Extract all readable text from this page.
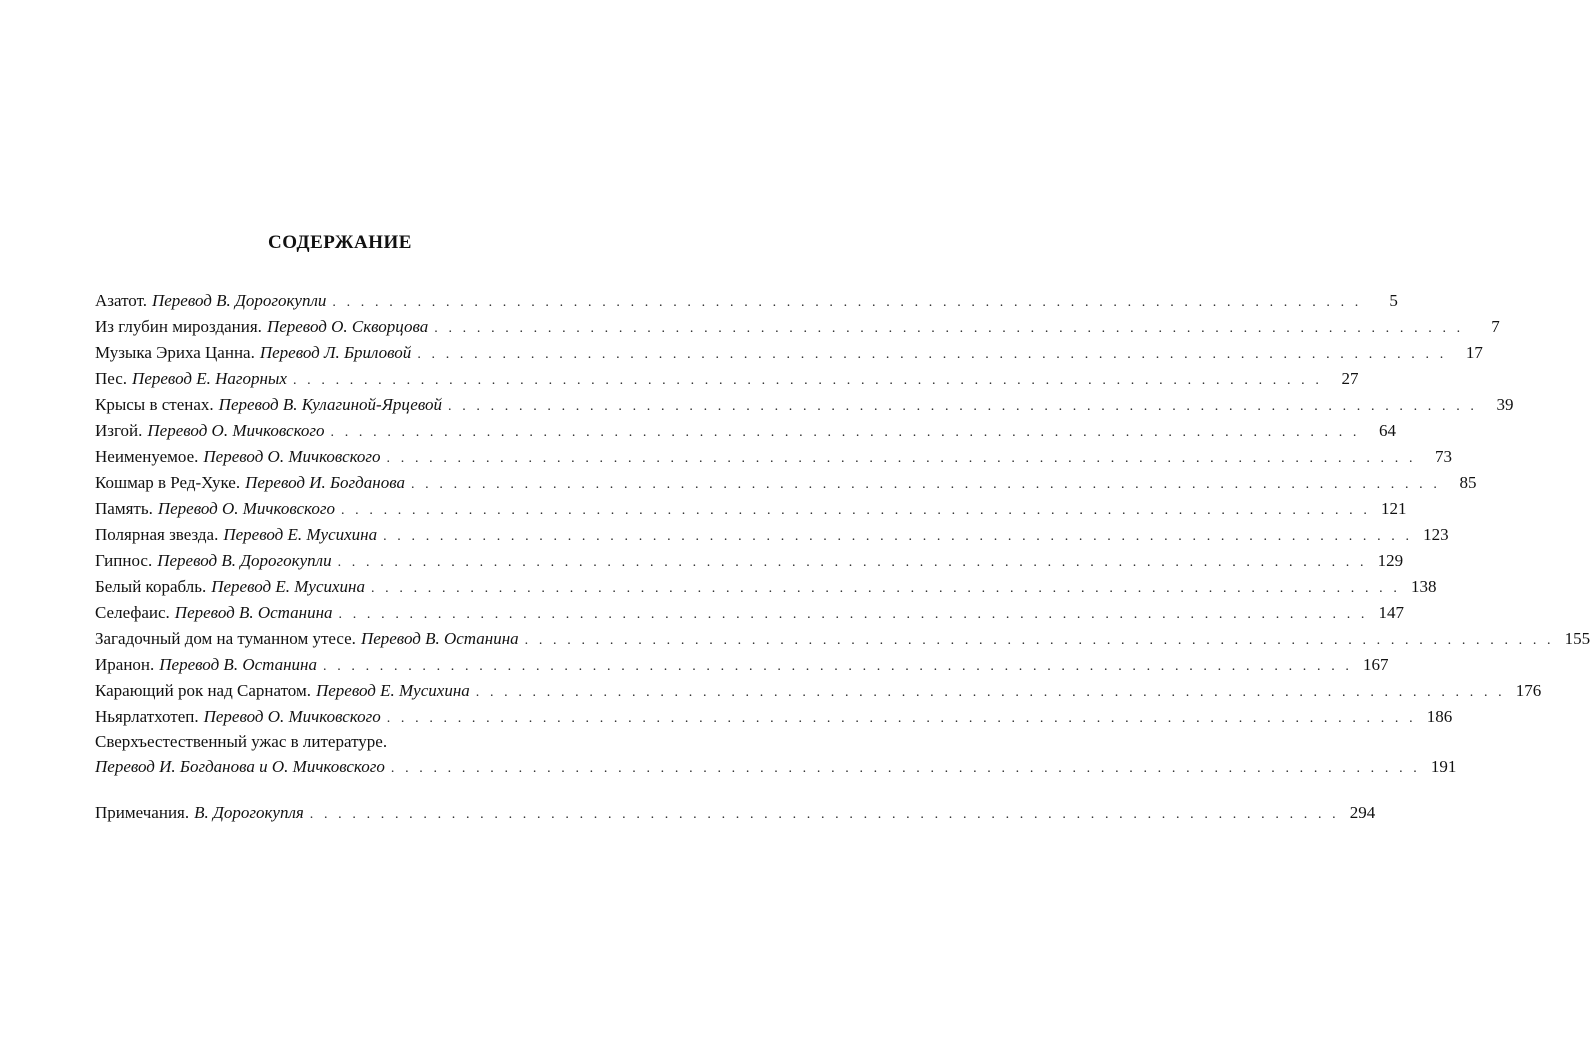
СОДЕРЖАНИЕ
Азатот. Перевод В. Дорогокупли . . . . . . . . . . . . . . . . . . . . . . . . . . . . . . . . . . . . . . . . . . . . . . . . . . . . . . . . . . . . . . . . . . . . . . . . .	5
Из глубин мироздания. Перевод О. Скворцова . . . . . . . . . . . . . . . . . . . . . . . . . . . . . . . . . . . . . . . . . . . . . . . . . . . . . . . . . . . . . . . . . . . . . . . . .	7
Музыка Эриха Цанна. Перевод Л. Бриловой . . . . . . . . . . . . . . . . . . . . . . . . . . . . . . . . . . . . . . . . . . . . . . . . . . . . . . . . . . . . . . . . . . . . . . . . .	17
Пес. Перевод Е. Нагорных . . . . . . . . . . . . . . . . . . . . . . . . . . . . . . . . . . . . . . . . . . . . . . . . . . . . . . . . . . . . . . . . . . . . . . . . .	27
Крысы в стенах. Перевод В. Кулагиной-Ярцевой . . . . . . . . . . . . . . . . . . . . . . . . . . . . . . . . . . . . . . . . . . . . . . . . . . . . . . . . . . . . . . . . . . . . . . . . .	39
Изгой. Перевод О. Мичковского . . . . . . . . . . . . . . . . . . . . . . . . . . . . . . . . . . . . . . . . . . . . . . . . . . . . . . . . . . . . . . . . . . . . . . . . .	64
Неименуемое. Перевод О. Мичковского . . . . . . . . . . . . . . . . . . . . . . . . . . . . . . . . . . . . . . . . . . . . . . . . . . . . . . . . . . . . . . . . . . . . . . . . .	73
Кошмар в Ред-Хуке. Перевод И. Богданова . . . . . . . . . . . . . . . . . . . . . . . . . . . . . . . . . . . . . . . . . . . . . . . . . . . . . . . . . . . . . . . . . . . . . . . . .	85
Память. Перевод О. Мичковского . . . . . . . . . . . . . . . . . . . . . . . . . . . . . . . . . . . . . . . . . . . . . . . . . . . . . . . . . . . . . . . . . . . . . . . . . 121
Полярная звезда. Перевод Е. Мусихина . . . . . . . . . . . . . . . . . . . . . . . . . . . . . . . . . . . . . . . . . . . . . . . . . . . . . . . . . . . . . . . . . . . . . . . . . 123
Гипнос. Перевод В. Дорогокупли . . . . . . . . . . . . . . . . . . . . . . . . . . . . . . . . . . . . . . . . . . . . . . . . . . . . . . . . . . . . . . . . . . . . . . . . . 129
Белый корабль. Перевод Е. Мусихина . . . . . . . . . . . . . . . . . . . . . . . . . . . . . . . . . . . . . . . . . . . . . . . . . . . . . . . . . . . . . . . . . . . . . . . . . 138
Селефаис. Перевод В. Останина . . . . . . . . . . . . . . . . . . . . . . . . . . . . . . . . . . . . . . . . . . . . . . . . . . . . . . . . . . . . . . . . . . . . . . . . . 147
Загадочный дом на туманном утесе. Перевод В. Останина . . . . . . . . . . . . . . . . . . . . . . . . . . . . . . . . . . . . . . . . . . . . . . . . . . . . . . . . . . . . . . . . . . . . . . . . . 155
Иранон. Перевод В. Останина . . . . . . . . . . . . . . . . . . . . . . . . . . . . . . . . . . . . . . . . . . . . . . . . . . . . . . . . . . . . . . . . . . . . . . . . . 167
Карающий рок над Сарнатом. Перевод Е. Мусихина . . . . . . . . . . . . . . . . . . . . . . . . . . . . . . . . . . . . . . . . . . . . . . . . . . . . . . . . . . . . . . . . . . . . . . . . . 176
Ньярлатхотеп. Перевод О. Мичковского . . . . . . . . . . . . . . . . . . . . . . . . . . . . . . . . . . . . . . . . . . . . . . . . . . . . . . . . . . . . . . . . . . . . . . . . . 186
Сверхъестественный ужас в литературе.
Перевод И. Богданова и О. Мичковского . . . . . . . . . . . . . . . . . . . . . . . . . . . . . . . . . . . . . . . . . . . . . . . . . . . . . . . . . . . . . . . . . . . . . . . . . 191
Примечания. В. Дорогокупля . . . . . . . . . . . . . . . . . . . . . . . . . . . . . . . . . . . . . . . . . . . . . . . . . . . . . . . . . . . . . . . . . . . . . . . . . 294
